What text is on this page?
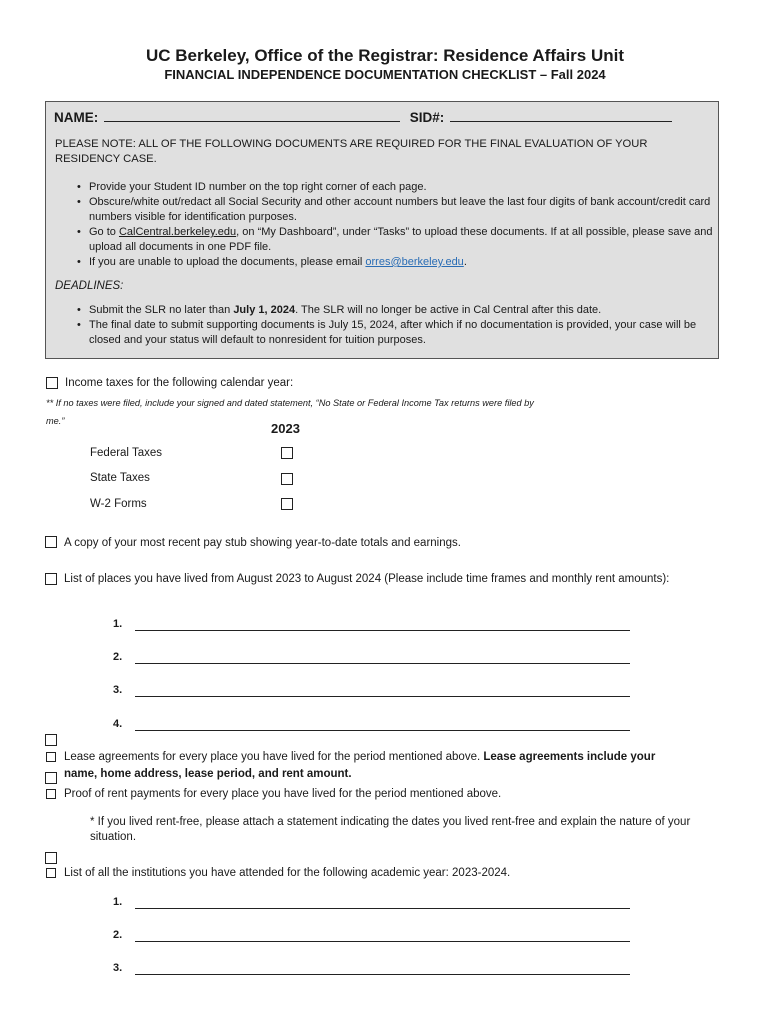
UC Berkeley, Office of the Registrar: Residence Affairs Unit
FINANCIAL INDEPENDENCE DOCUMENTATION CHECKLIST – Fall 2024
NAME:	SID#:
PLEASE NOTE: ALL OF THE FOLLOWING DOCUMENTS ARE REQUIRED FOR THE FINAL EVALUATION OF YOUR RESIDENCY CASE.
• Provide your Student ID number on the top right corner of each page.
• Obscure/white out/redact all Social Security and other account numbers but leave the last four digits of bank account/credit card numbers visible for identification purposes.
• Go to CalCentral.berkeley.edu, on “My Dashboard”, under “Tasks” to upload these documents. If at all possible, please save and upload all documents in one PDF file.
• If you are unable to upload the documents, please email orres@berkeley.edu.
DEADLINES:
• Submit the SLR no later than July 1, 2024. The SLR will no longer be active in Cal Central after this date.
• The final date to submit supporting documents is July 15, 2024, after which if no documentation is provided, your case will be closed and your status will default to nonresident for tuition purposes.
Income taxes for the following calendar year:
** If no taxes were filed, include your signed and dated statement, “No State or Federal Income Tax returns were filed by
me.”	2023
Federal Taxes
State Taxes
W-2 Forms
A copy of your most recent pay stub showing year-to-date totals and earnings.
List of places you have lived from August 2023 to August 2024 (Please include time frames and monthly rent amounts):
1.
2.
3.
4.
Lease agreements for every place you have lived for the period mentioned above. Lease agreements include your
name, home address, lease period, and rent amount.
Proof of rent payments for every place you have lived for the period mentioned above.
* If you lived rent-free, please attach a statement indicating the dates you lived rent-free and explain the nature of your situation.
List of all the institutions you have attended for the following academic year: 2023-2024.
1.
2.
3.
